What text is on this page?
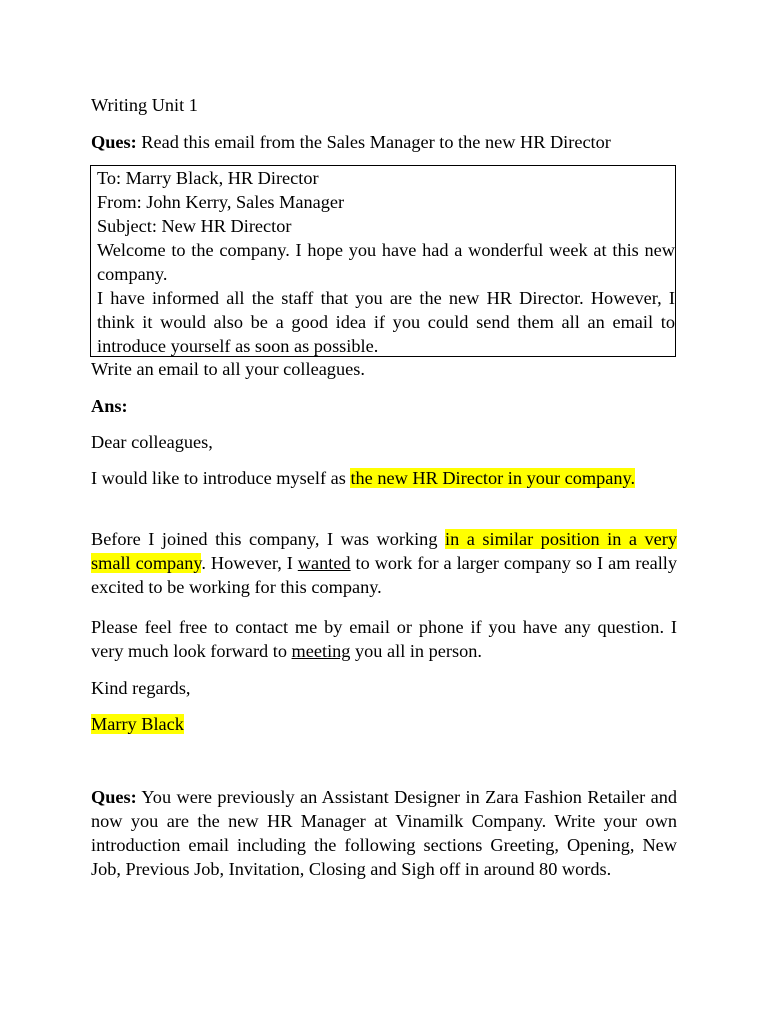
Writing Unit 1

Ques: Read this email from the Sales Manager to the new HR Director

To: Marry Black, HR Director
From: John Kerry, Sales Manager
Subject: New HR Director
Welcome to the company. I hope you have had a wonderful week at this new company.
I have informed all the staff that you are the new HR Director. However, I think it would also be a good idea if you could send them all an email to introduce yourself as soon as possible.

Write an email to all your colleagues.

Ans:

Dear colleagues,

I would like to introduce myself as the new HR Director in your company.

Before I joined this company, I was working in a similar position in a very small company. However, I wanted to work for a larger company so I am really excited to be working for this company.

Please feel free to contact me by email or phone if you have any question. I very much look forward to meeting you all in person.

Kind regards,

Marry Black

Ques: You were previously an Assistant Designer in Zara Fashion Retailer and now you are the new HR Manager at Vinamilk Company. Write your own introduction email including the following sections Greeting, Opening, New Job, Previous Job, Invitation, Closing and Sigh off in around 80 words.
